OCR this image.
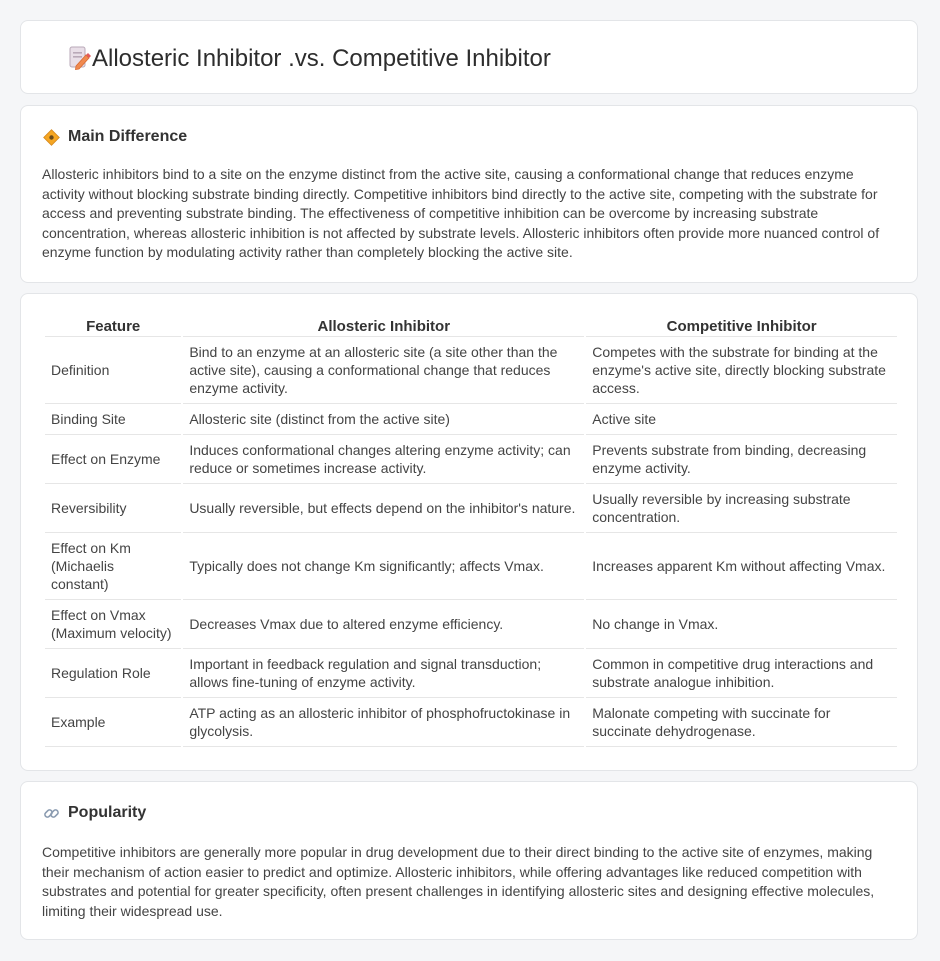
Allosteric Inhibitor .vs. Competitive Inhibitor
Main Difference

Allosteric inhibitors bind to a site on the enzyme distinct from the active site, causing a conformational change that reduces enzyme activity without blocking substrate binding directly. Competitive inhibitors bind directly to the active site, competing with the substrate for access and preventing substrate binding. The effectiveness of competitive inhibition can be overcome by increasing substrate concentration, whereas allosteric inhibition is not affected by substrate levels. Allosteric inhibitors often provide more nuanced control of enzyme function by modulating activity rather than completely blocking the active site.

Feature	Allosteric Inhibitor	Competitive Inhibitor
Definition	Bind to an enzyme at an allosteric site (a site other than the active site), causing a conformational change that reduces enzyme activity.	Competes with the substrate for binding at the enzyme's active site, directly blocking substrate access.
Binding Site	Allosteric site (distinct from the active site)	Active site
Effect on Enzyme	Induces conformational changes altering enzyme activity; can reduce or sometimes increase activity.	Prevents substrate from binding, decreasing enzyme activity.
Reversibility	Usually reversible, but effects depend on the inhibitor's nature.	Usually reversible by increasing substrate concentration.
Effect on Km (Michaelis constant)	Typically does not change Km significantly; affects Vmax.	Increases apparent Km without affecting Vmax.
Effect on Vmax (Maximum velocity)	Decreases Vmax due to altered enzyme efficiency.	No change in Vmax.
Regulation Role	Important in feedback regulation and signal transduction; allows fine-tuning of enzyme activity.	Common in competitive drug interactions and substrate analogue inhibition.
Example	ATP acting as an allosteric inhibitor of phosphofructokinase in glycolysis.	Malonate competing with succinate for succinate dehydrogenase.
Popularity

Competitive inhibitors are generally more popular in drug development due to their direct binding to the active site of enzymes, making their mechanism of action easier to predict and optimize. Allosteric inhibitors, while offering advantages like reduced competition with substrates and potential for greater specificity, often present challenges in identifying allosteric sites and designing effective molecules, limiting their widespread use.
